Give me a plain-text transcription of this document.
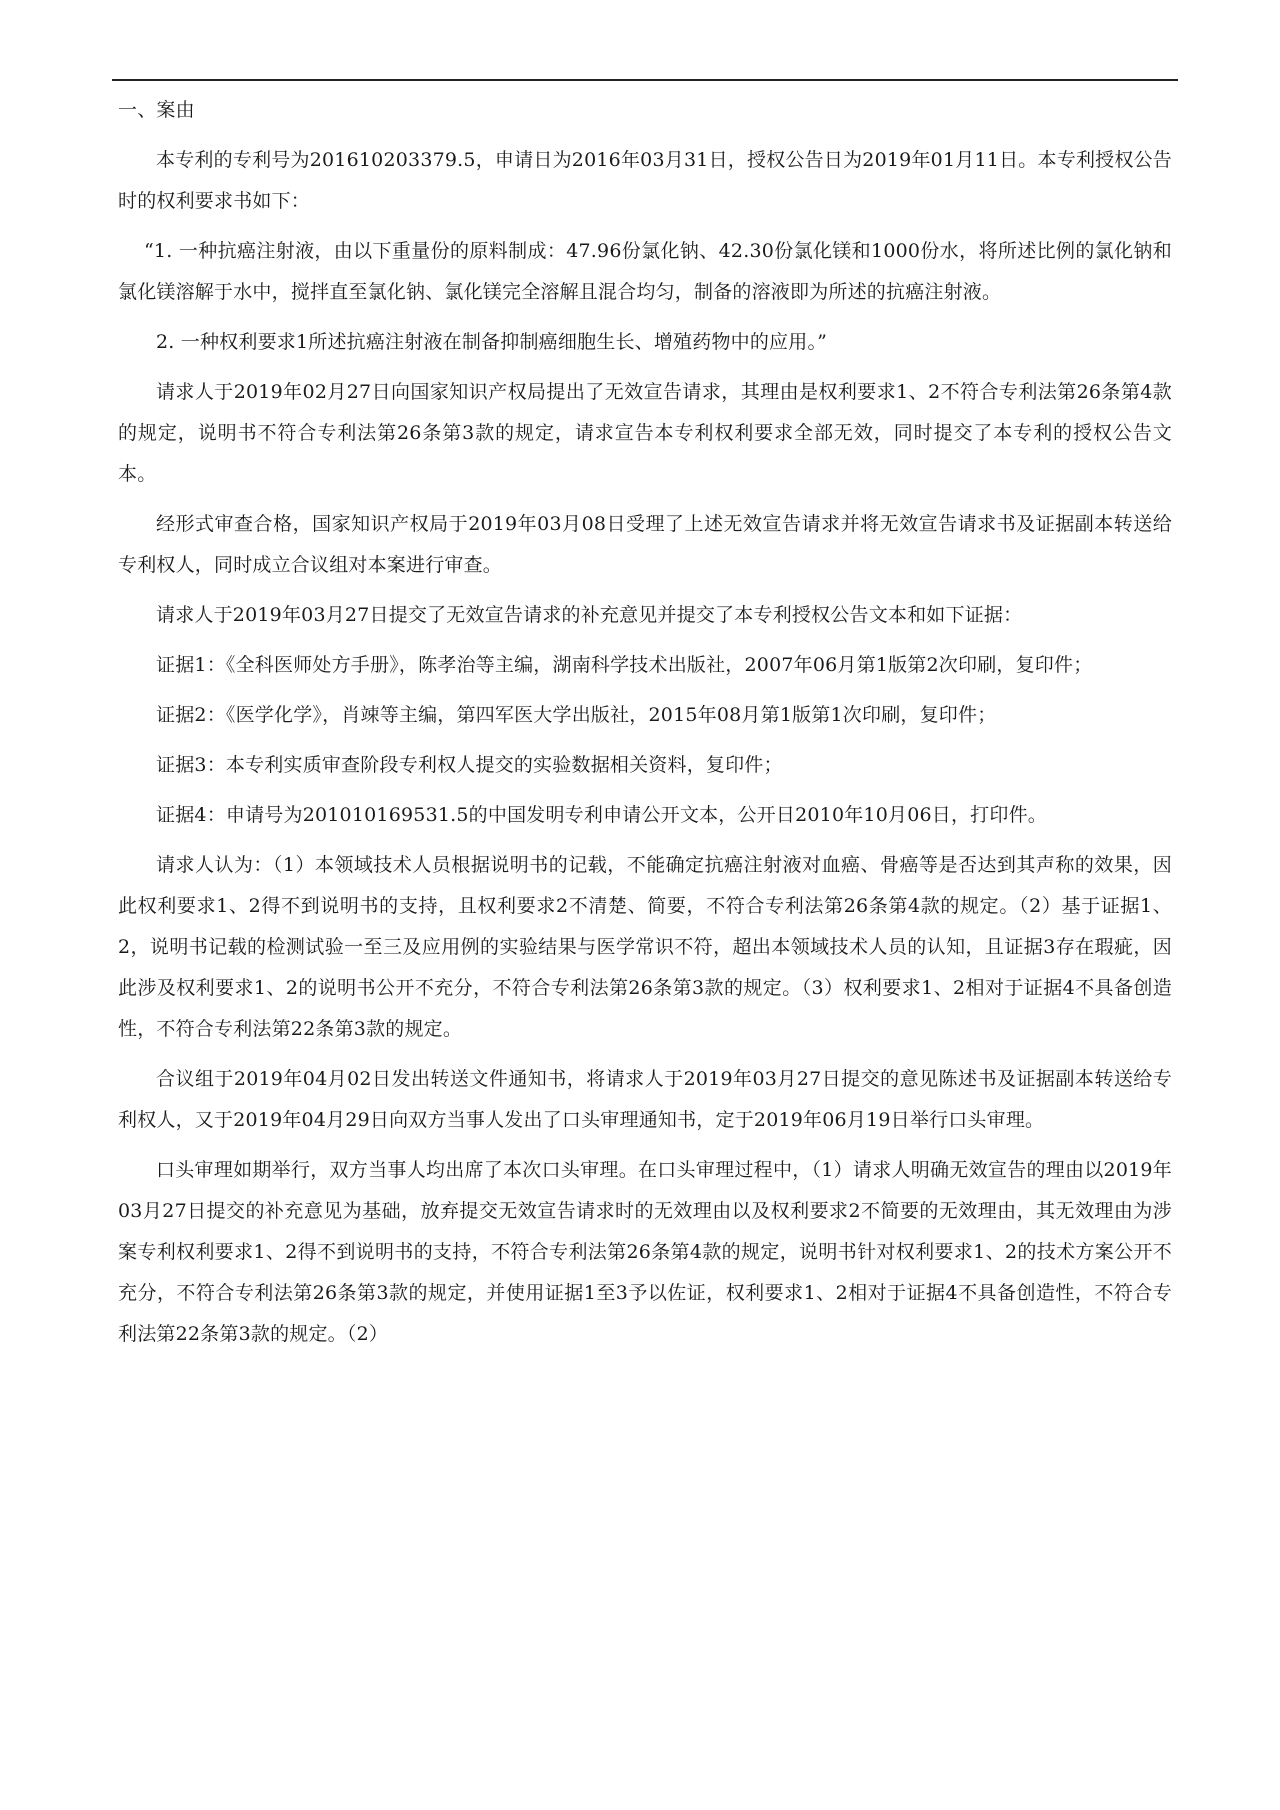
一、案由

本专利的专利号为201610203379.5，申请日为2016年03月31日，授权公告日为2019年01月11日。本专利授权公告时的权利要求书如下：

“1. 一种抗癌注射液，由以下重量份的原料制成：47.96份氯化钠、42.30份氯化镁和1000份水，将所述比例的氯化钠和氯化镁溶解于水中，搅拌直至氯化钠、氯化镁完全溶解且混合均匀，制备的溶液即为所述的抗癌注射液。

2. 一种权利要求1所述抗癌注射液在制备抑制癌细胞生长、增殖药物中的应用。”

请求人于2019年02月27日向国家知识产权局提出了无效宣告请求，其理由是权利要求1、2不符合专利法第26条第4款的规定，说明书不符合专利法第26条第3款的规定，请求宣告本专利权利要求全部无效，同时提交了本专利的授权公告文本。

经形式审查合格，国家知识产权局于2019年03月08日受理了上述无效宣告请求并将无效宣告请求书及证据副本转送给专利权人，同时成立合议组对本案进行审查。

请求人于2019年03月27日提交了无效宣告请求的补充意见并提交了本专利授权公告文本和如下证据：

证据1：《全科医师处方手册》，陈孝治等主编，湖南科学技术出版社，2007年06月第1版第2次印刷，复印件；

证据2：《医学化学》，肖竦等主编，第四军医大学出版社，2015年08月第1版第1次印刷，复印件；

证据3：本专利实质审查阶段专利权人提交的实验数据相关资料，复印件；

证据4：申请号为201010169531.5的中国发明专利申请公开文本，公开日2010年10月06日，打印件。

请求人认为：（1）本领域技术人员根据说明书的记载，不能确定抗癌注射液对血癌、骨癌等是否达到其声称的效果，因此权利要求1、2得不到说明书的支持，且权利要求2不清楚、简要，不符合专利法第26条第4款的规定。（2）基于证据1、2，说明书记载的检测试验一至三及应用例的实验结果与医学常识不符，超出本领域技术人员的认知，且证据3存在瑕疵，因此涉及权利要求1、2的说明书公开不充分，不符合专利法第26条第3款的规定。（3）权利要求1、2相对于证据4不具备创造性，不符合专利法第22条第3款的规定。

合议组于2019年04月02日发出转送文件通知书，将请求人于2019年03月27日提交的意见陈述书及证据副本转送给专利权人，又于2019年04月29日向双方当事人发出了口头审理通知书，定于2019年06月19日举行口头审理。

口头审理如期举行，双方当事人均出席了本次口头审理。在口头审理过程中，（1）请求人明确无效宣告的理由以2019年03月27日提交的补充意见为基础，放弃提交无效宣告请求时的无效理由以及权利要求2不简要的无效理由，其无效理由为涉案专利权利要求1、2得不到说明书的支持，不符合专利法第26条第4款的规定，说明书针对权利要求1、2的技术方案公开不充分，不符合专利法第26条第3款的规定，并使用证据1至3予以佐证，权利要求1、2相对于证据4不具备创造性，不符合专利法第22条第3款的规定。（2）
